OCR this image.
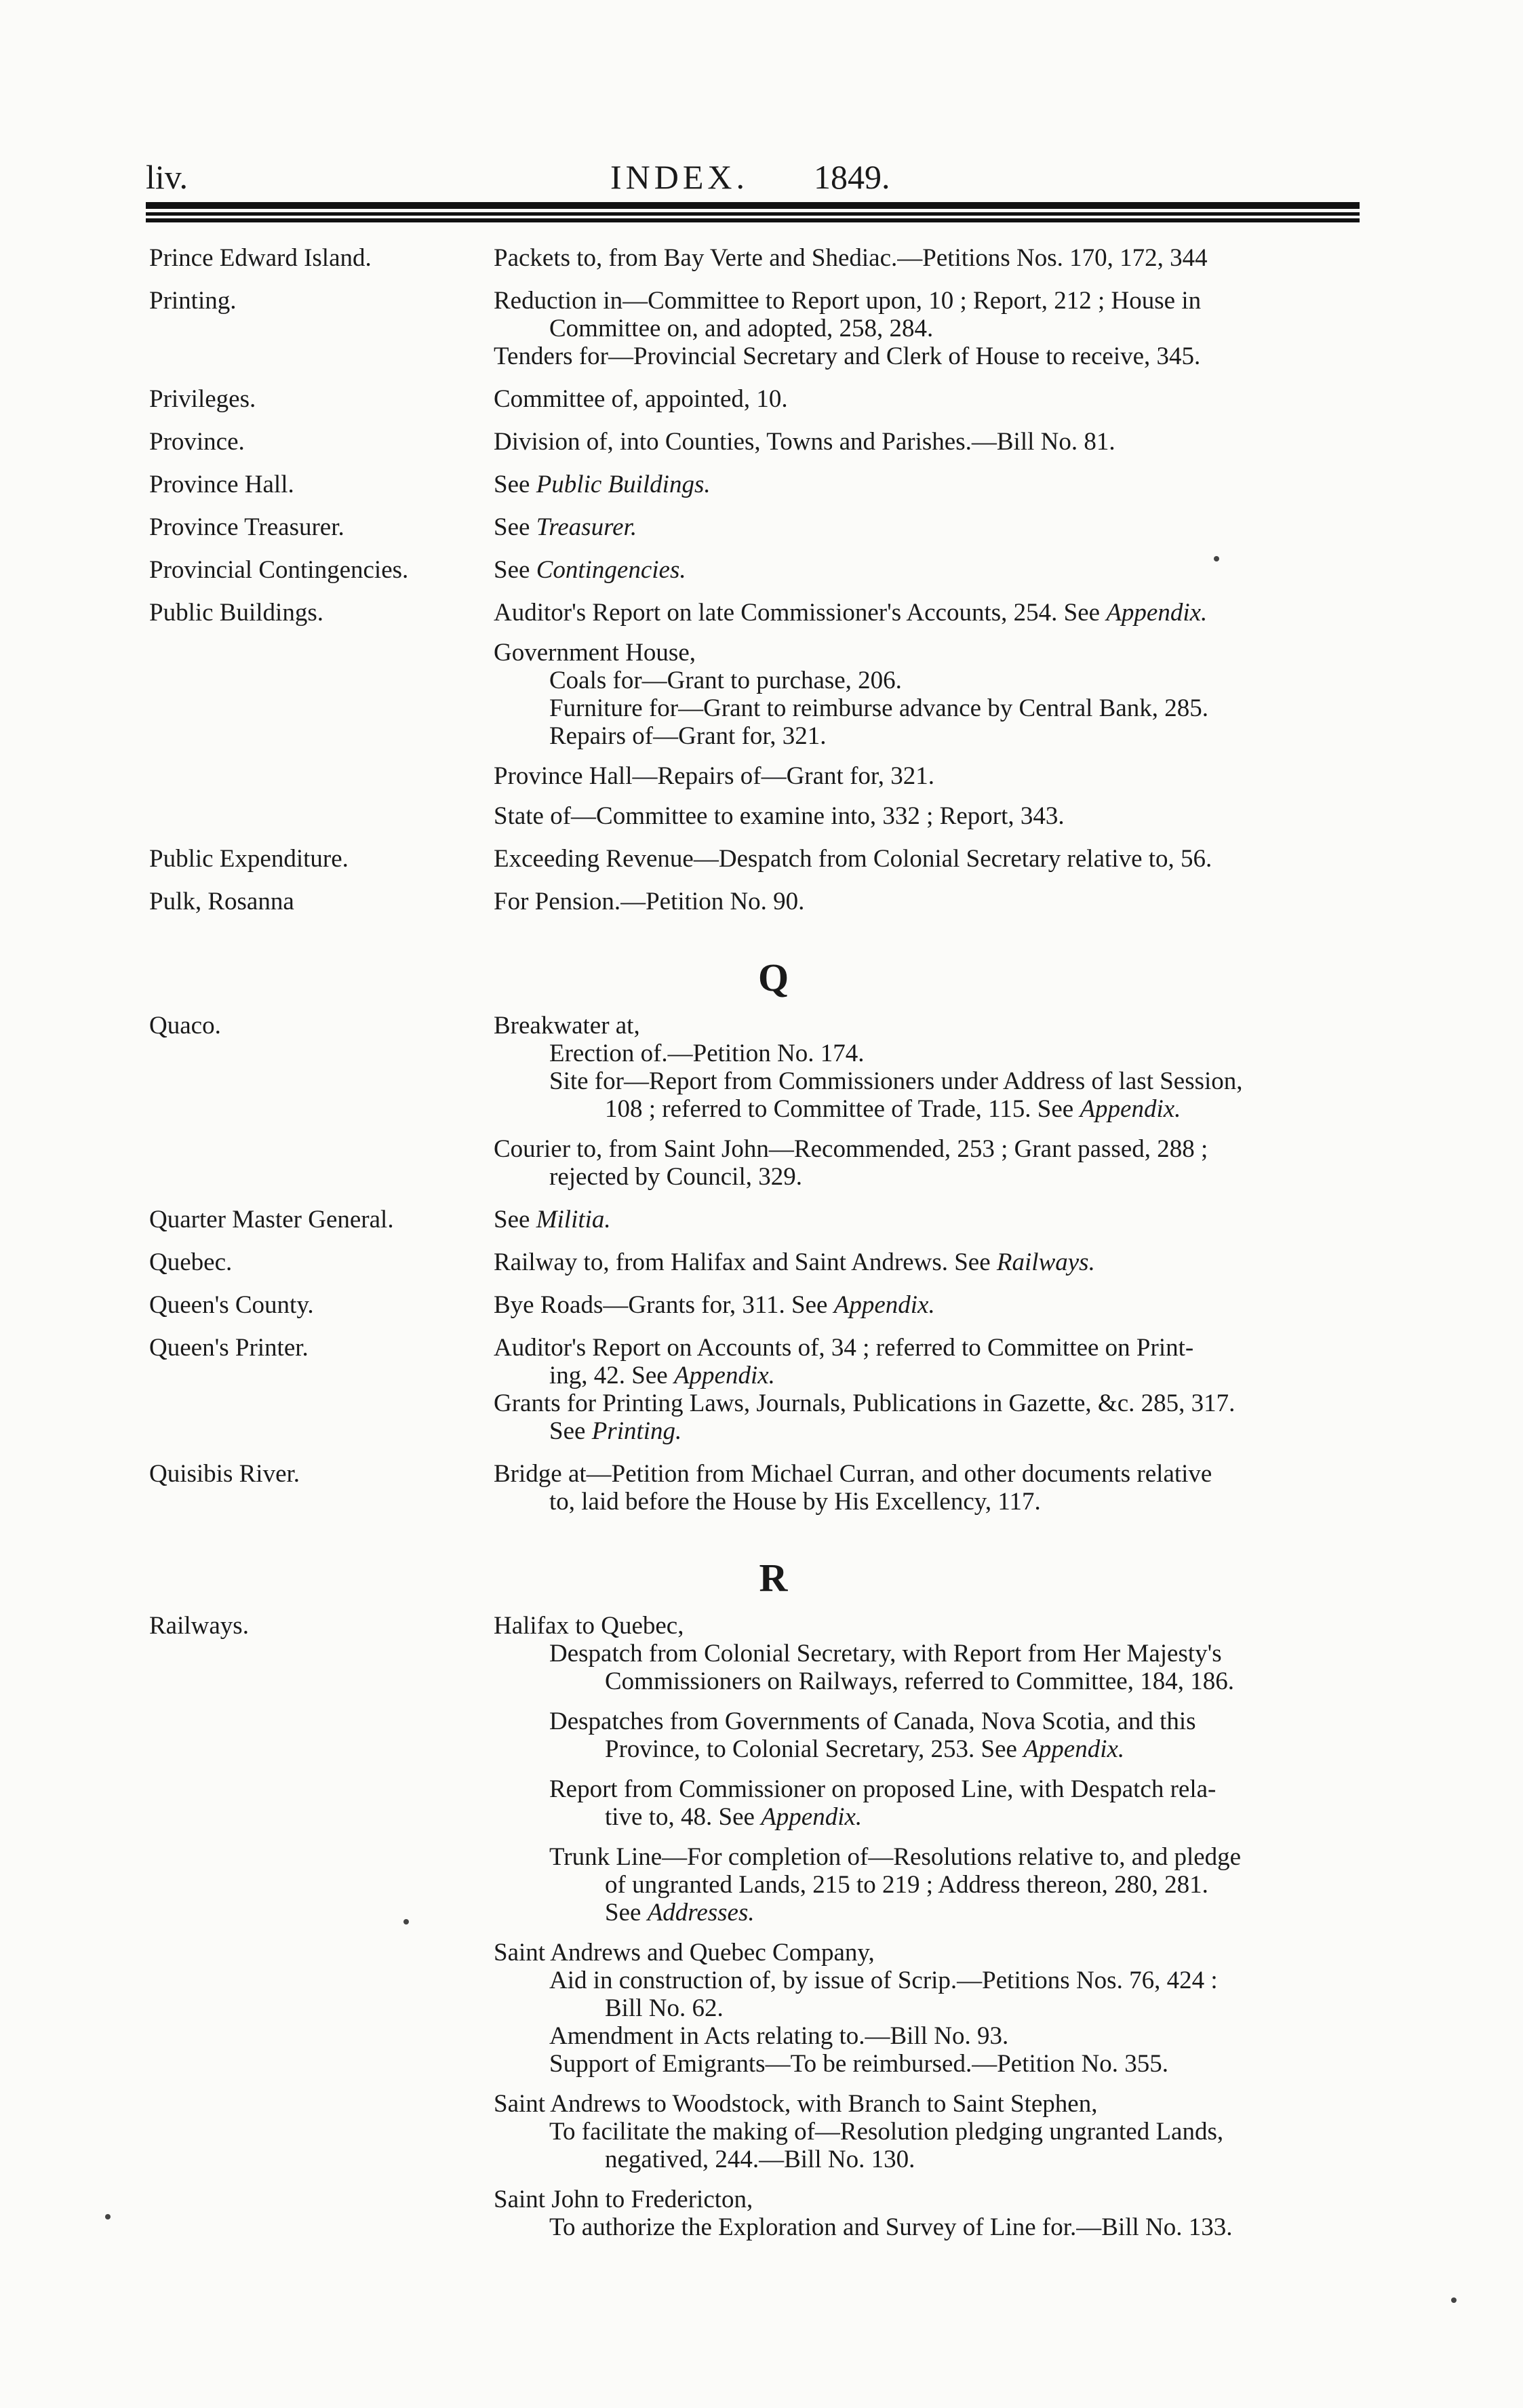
liv.	INDEX. 1849.
Prince Edward Island.	Packets to, from Bay Verte and Shediac.—Petitions Nos. 170, 172, 344
Printing.	Reduction in—Committee to Report upon, 10 ; Report, 212 ; House in
Committee on, and adopted, 258, 284.
Tenders for—Provincial Secretary and Clerk of House to receive, 345.
Privileges.	Committee of, appointed, 10.
Province.	Division of, into Counties, Towns and Parishes.—Bill No. 81.
Province Hall.	See Public Buildings.
Province Treasurer.	See Treasurer.
Provincial Contingencies.	See Contingencies.
Public Buildings.	Auditor's Report on late Commissioner's Accounts, 254. See Appendix.
Government House,
Coals for—Grant to purchase, 206.
Furniture for—Grant to reimburse advance by Central Bank, 285.
Repairs of—Grant for, 321.
Province Hall—Repairs of—Grant for, 321.
State of—Committee to examine into, 332 ; Report, 343.
Public Expenditure.	Exceeding Revenue—Despatch from Colonial Secretary relative to, 56.
Pulk, Rosanna	For Pension.—Petition No. 90.
Q
Quaco.	Breakwater at,
Erection of.—Petition No. 174.
Site for—Report from Commissioners under Address of last Session,
108 ; referred to Committee of Trade, 115. See Appendix.
Courier to, from Saint John—Recommended, 253 ; Grant passed, 288 ;
rejected by Council, 329.
Quarter Master General.	See Militia.
Quebec.	Railway to, from Halifax and Saint Andrews. See Railways.
Queen's County.	Bye Roads—Grants for, 311. See Appendix.
Queen's Printer.	Auditor's Report on Accounts of, 34 ; referred to Committee on Print-
ing, 42. See Appendix.
Grants for Printing Laws, Journals, Publications in Gazette, &c. 285, 317.
See Printing.
Quisibis River.	Bridge at—Petition from Michael Curran, and other documents relative
to, laid before the House by His Excellency, 117.
R
Railways.	Halifax to Quebec,
Despatch from Colonial Secretary, with Report from Her Majesty's
Commissioners on Railways, referred to Committee, 184, 186.
Despatches from Governments of Canada, Nova Scotia, and this
Province, to Colonial Secretary, 253. See Appendix.
Report from Commissioner on proposed Line, with Despatch rela-
tive to, 48. See Appendix.
Trunk Line—For completion of—Resolutions relative to, and pledge
of ungranted Lands, 215 to 219 ; Address thereon, 280, 281.
See Addresses.
Saint Andrews and Quebec Company,
Aid in construction of, by issue of Scrip.—Petitions Nos. 76, 424 :
Bill No. 62.
Amendment in Acts relating to.—Bill No. 93.
Support of Emigrants—To be reimbursed.—Petition No. 355.
Saint Andrews to Woodstock, with Branch to Saint Stephen,
To facilitate the making of—Resolution pledging ungranted Lands,
negatived, 244.—Bill No. 130.
Saint John to Fredericton,
To authorize the Exploration and Survey of Line for.—Bill No. 133.
